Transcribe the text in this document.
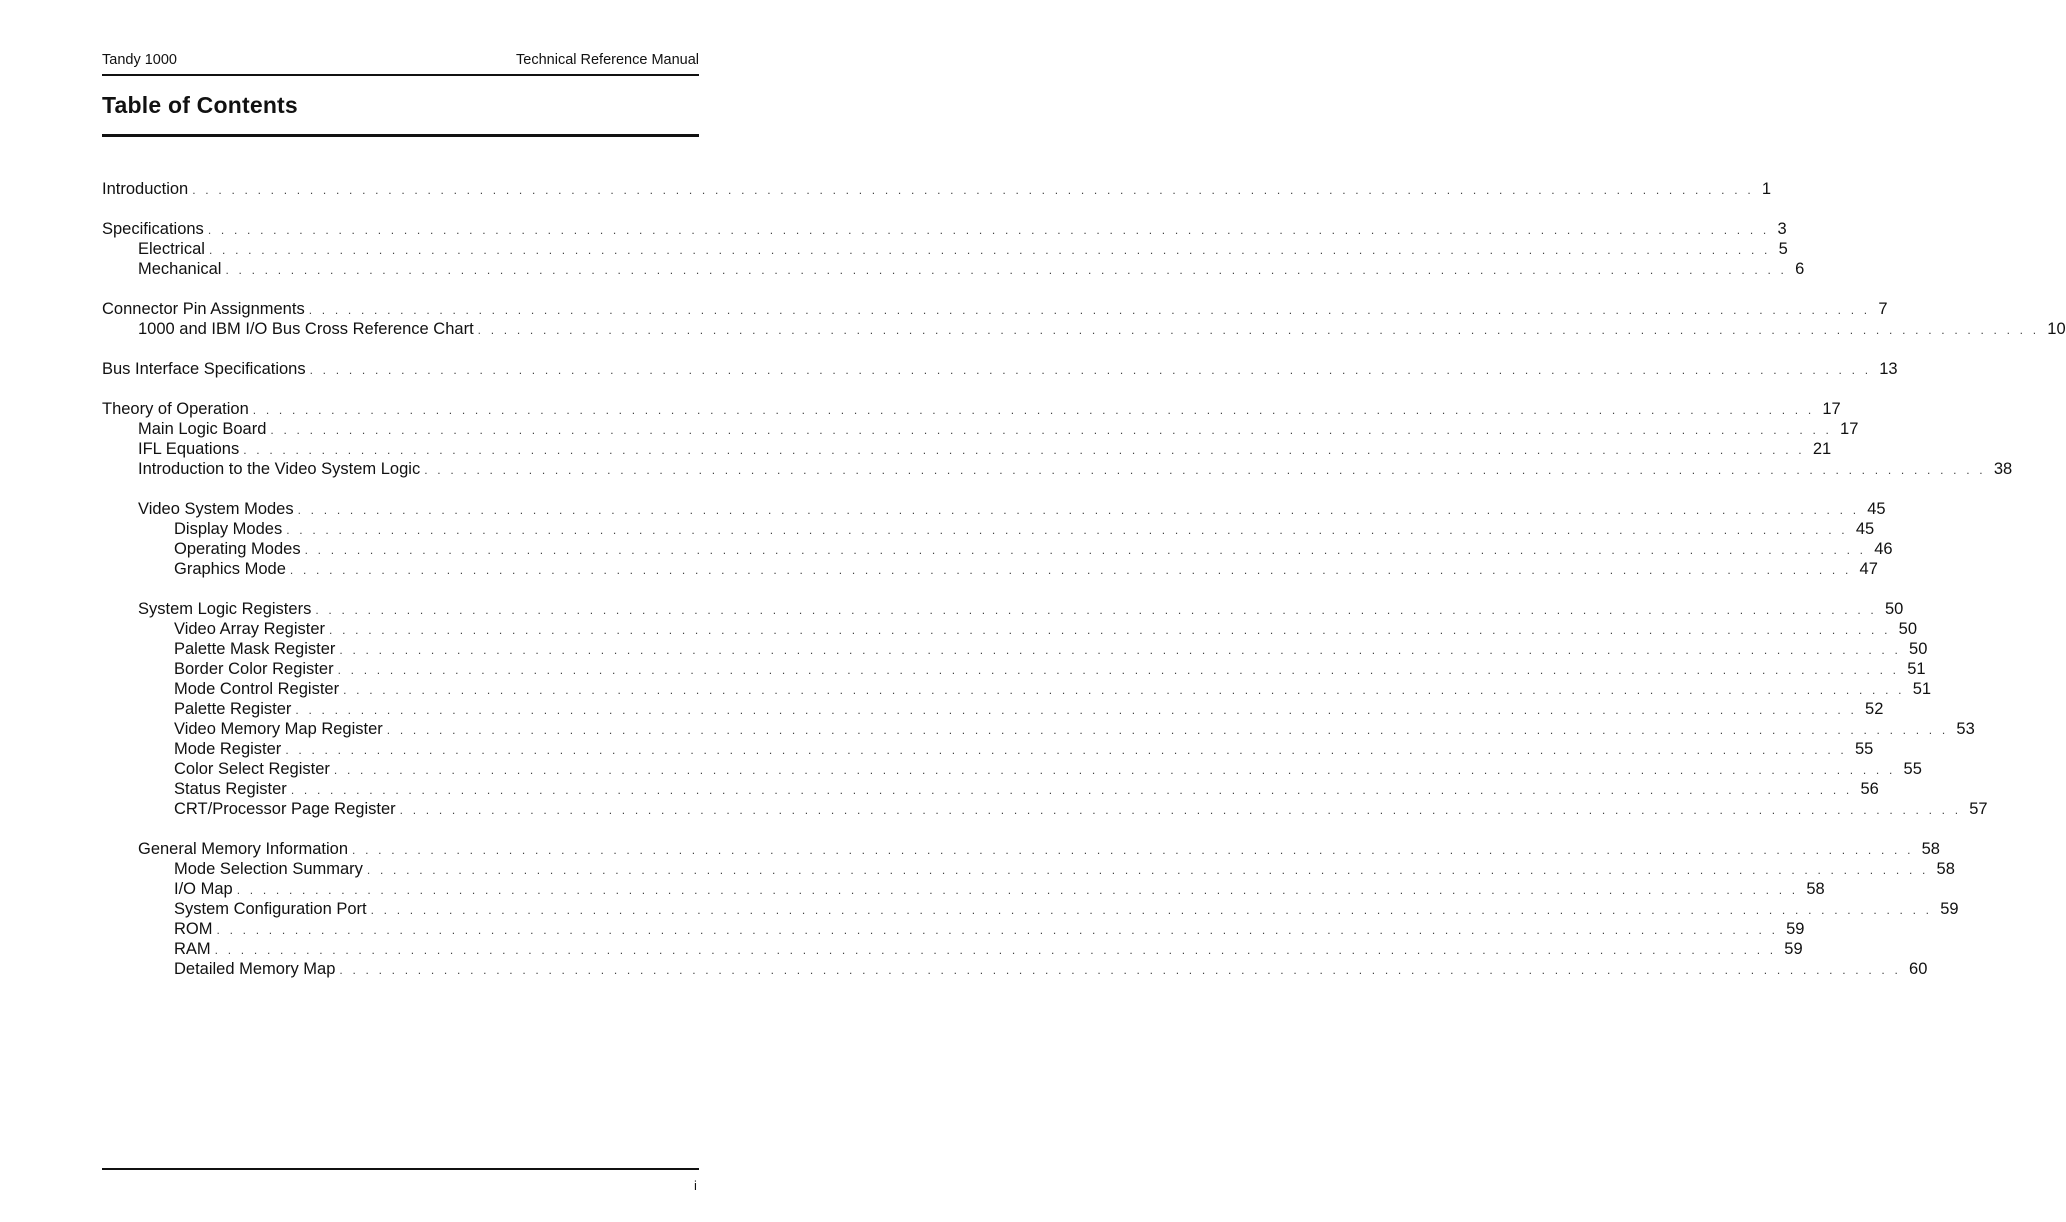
Tandy 1000	Technical Reference Manual
Table of Contents
Introduction . . . . . . . . . . . . . . . . . . . . . . . . . . . . . . . . . . . . . . . . . . . . . . . . . . . . . . . . . . . . . . . . . . . . . . . . . . . . . . . . . . . . . . . . . . . . . . . . . . . . . . . . . . . . . . . . . . . . . . . . 1
Specifications . . . . . . . . . . . . . . . . . . . . . . . . . . . . . . . . . . . . . . . . . . . . . . . . . . . . . . . . . . . . . . . . . . . . . . . . . . . . . . . . . . . . . . . . . . . . . . . . . . . . . . . . . . . . . . . . . . . . . . . . 3
Electrical . . . . . . . . . . . . . . . . . . . . . . . . . . . . . . . . . . . . . . . . . . . . . . . . . . . . . . . . . . . . . . . . . . . . . . . . . . . . . . . . . . . . . . . . . . . . . . . . . . . . . . . . . . . . . . . . . . . . . . . . 5
Mechanical . . . . . . . . . . . . . . . . . . . . . . . . . . . . . . . . . . . . . . . . . . . . . . . . . . . . . . . . . . . . . . . . . . . . . . . . . . . . . . . . . . . . . . . . . . . . . . . . . . . . . . . . . . . . . . . . . . . . . . . . 6
Connector Pin Assignments . . . . . . . . . . . . . . . . . . . . . . . . . . . . . . . . . . . . . . . . . . . . . . . . . . . . . . . . . . . . . . . . . . . . . . . . . . . . . . . . . . . . . . . . . . . . . . . . . . . . . . . . . . . . . . . . . . . . . . . . 7
1000 and IBM I/O Bus Cross Reference Chart . . . . . . . . . . . . . . . . . . . . . . . . . . . . . . . . . . . . . . . . . . . . . . . . . . . . . . . . . . . . . . . . . . . . . . . . . . . . . . . . . . . . . . . . . . . . . . . . . . . . . . . . . . . . . . . . . . . . . . . . 10
Bus Interface Specifications . . . . . . . . . . . . . . . . . . . . . . . . . . . . . . . . . . . . . . . . . . . . . . . . . . . . . . . . . . . . . . . . . . . . . . . . . . . . . . . . . . . . . . . . . . . . . . . . . . . . . . . . . . . . . . . . . . . . . . . . 13
Theory of Operation . . . . . . . . . . . . . . . . . . . . . . . . . . . . . . . . . . . . . . . . . . . . . . . . . . . . . . . . . . . . . . . . . . . . . . . . . . . . . . . . . . . . . . . . . . . . . . . . . . . . . . . . . . . . . . . . . . . . . . . . 17
Main Logic Board . . . . . . . . . . . . . . . . . . . . . . . . . . . . . . . . . . . . . . . . . . . . . . . . . . . . . . . . . . . . . . . . . . . . . . . . . . . . . . . . . . . . . . . . . . . . . . . . . . . . . . . . . . . . . . . . . . . . . . . . 17
IFL Equations . . . . . . . . . . . . . . . . . . . . . . . . . . . . . . . . . . . . . . . . . . . . . . . . . . . . . . . . . . . . . . . . . . . . . . . . . . . . . . . . . . . . . . . . . . . . . . . . . . . . . . . . . . . . . . . . . . . . . . . . 21
Introduction to the Video System Logic . . . . . . . . . . . . . . . . . . . . . . . . . . . . . . . . . . . . . . . . . . . . . . . . . . . . . . . . . . . . . . . . . . . . . . . . . . . . . . . . . . . . . . . . . . . . . . . . . . . . . . . . . . . . . . . . . . . . . . . . 38
Video System Modes . . . . . . . . . . . . . . . . . . . . . . . . . . . . . . . . . . . . . . . . . . . . . . . . . . . . . . . . . . . . . . . . . . . . . . . . . . . . . . . . . . . . . . . . . . . . . . . . . . . . . . . . . . . . . . . . . . . . . . . . 45
Display Modes . . . . . . . . . . . . . . . . . . . . . . . . . . . . . . . . . . . . . . . . . . . . . . . . . . . . . . . . . . . . . . . . . . . . . . . . . . . . . . . . . . . . . . . . . . . . . . . . . . . . . . . . . . . . . . . . . . . . . . . . 45
Operating Modes . . . . . . . . . . . . . . . . . . . . . . . . . . . . . . . . . . . . . . . . . . . . . . . . . . . . . . . . . . . . . . . . . . . . . . . . . . . . . . . . . . . . . . . . . . . . . . . . . . . . . . . . . . . . . . . . . . . . . . . . 46
Graphics Mode . . . . . . . . . . . . . . . . . . . . . . . . . . . . . . . . . . . . . . . . . . . . . . . . . . . . . . . . . . . . . . . . . . . . . . . . . . . . . . . . . . . . . . . . . . . . . . . . . . . . . . . . . . . . . . . . . . . . . . . . 47
System Logic Registers . . . . . . . . . . . . . . . . . . . . . . . . . . . . . . . . . . . . . . . . . . . . . . . . . . . . . . . . . . . . . . . . . . . . . . . . . . . . . . . . . . . . . . . . . . . . . . . . . . . . . . . . . . . . . . . . . . . . . . . . 50
Video Array Register . . . . . . . . . . . . . . . . . . . . . . . . . . . . . . . . . . . . . . . . . . . . . . . . . . . . . . . . . . . . . . . . . . . . . . . . . . . . . . . . . . . . . . . . . . . . . . . . . . . . . . . . . . . . . . . . . . . . . . . . 50
Palette Mask Register . . . . . . . . . . . . . . . . . . . . . . . . . . . . . . . . . . . . . . . . . . . . . . . . . . . . . . . . . . . . . . . . . . . . . . . . . . . . . . . . . . . . . . . . . . . . . . . . . . . . . . . . . . . . . . . . . . . . . . . . 50
Border Color Register . . . . . . . . . . . . . . . . . . . . . . . . . . . . . . . . . . . . . . . . . . . . . . . . . . . . . . . . . . . . . . . . . . . . . . . . . . . . . . . . . . . . . . . . . . . . . . . . . . . . . . . . . . . . . . . . . . . . . . . . 51
Mode Control Register . . . . . . . . . . . . . . . . . . . . . . . . . . . . . . . . . . . . . . . . . . . . . . . . . . . . . . . . . . . . . . . . . . . . . . . . . . . . . . . . . . . . . . . . . . . . . . . . . . . . . . . . . . . . . . . . . . . . . . . . 51
Palette Register . . . . . . . . . . . . . . . . . . . . . . . . . . . . . . . . . . . . . . . . . . . . . . . . . . . . . . . . . . . . . . . . . . . . . . . . . . . . . . . . . . . . . . . . . . . . . . . . . . . . . . . . . . . . . . . . . . . . . . . . 52
Video Memory Map Register . . . . . . . . . . . . . . . . . . . . . . . . . . . . . . . . . . . . . . . . . . . . . . . . . . . . . . . . . . . . . . . . . . . . . . . . . . . . . . . . . . . . . . . . . . . . . . . . . . . . . . . . . . . . . . . . . . . . . . . . 53
Mode Register . . . . . . . . . . . . . . . . . . . . . . . . . . . . . . . . . . . . . . . . . . . . . . . . . . . . . . . . . . . . . . . . . . . . . . . . . . . . . . . . . . . . . . . . . . . . . . . . . . . . . . . . . . . . . . . . . . . . . . . . 55
Color Select Register . . . . . . . . . . . . . . . . . . . . . . . . . . . . . . . . . . . . . . . . . . . . . . . . . . . . . . . . . . . . . . . . . . . . . . . . . . . . . . . . . . . . . . . . . . . . . . . . . . . . . . . . . . . . . . . . . . . . . . . . 55
Status Register . . . . . . . . . . . . . . . . . . . . . . . . . . . . . . . . . . . . . . . . . . . . . . . . . . . . . . . . . . . . . . . . . . . . . . . . . . . . . . . . . . . . . . . . . . . . . . . . . . . . . . . . . . . . . . . . . . . . . . . . 56
CRT/Processor Page Register . . . . . . . . . . . . . . . . . . . . . . . . . . . . . . . . . . . . . . . . . . . . . . . . . . . . . . . . . . . . . . . . . . . . . . . . . . . . . . . . . . . . . . . . . . . . . . . . . . . . . . . . . . . . . . . . . . . . . . . . 57
General Memory Information . . . . . . . . . . . . . . . . . . . . . . . . . . . . . . . . . . . . . . . . . . . . . . . . . . . . . . . . . . . . . . . . . . . . . . . . . . . . . . . . . . . . . . . . . . . . . . . . . . . . . . . . . . . . . . . . . . . . . . . . 58
Mode Selection Summary . . . . . . . . . . . . . . . . . . . . . . . . . . . . . . . . . . . . . . . . . . . . . . . . . . . . . . . . . . . . . . . . . . . . . . . . . . . . . . . . . . . . . . . . . . . . . . . . . . . . . . . . . . . . . . . . . . . . . . . . 58
I/O Map . . . . . . . . . . . . . . . . . . . . . . . . . . . . . . . . . . . . . . . . . . . . . . . . . . . . . . . . . . . . . . . . . . . . . . . . . . . . . . . . . . . . . . . . . . . . . . . . . . . . . . . . . . . . . . . . . . . . . . . . 58
System Configuration Port . . . . . . . . . . . . . . . . . . . . . . . . . . . . . . . . . . . . . . . . . . . . . . . . . . . . . . . . . . . . . . . . . . . . . . . . . . . . . . . . . . . . . . . . . . . . . . . . . . . . . . . . . . . . . . . . . . . . . . . . 59
ROM . . . . . . . . . . . . . . . . . . . . . . . . . . . . . . . . . . . . . . . . . . . . . . . . . . . . . . . . . . . . . . . . . . . . . . . . . . . . . . . . . . . . . . . . . . . . . . . . . . . . . . . . . . . . . . . . . . . . . . . . 59
RAM . . . . . . . . . . . . . . . . . . . . . . . . . . . . . . . . . . . . . . . . . . . . . . . . . . . . . . . . . . . . . . . . . . . . . . . . . . . . . . . . . . . . . . . . . . . . . . . . . . . . . . . . . . . . . . . . . . . . . . . . 59
Detailed Memory Map . . . . . . . . . . . . . . . . . . . . . . . . . . . . . . . . . . . . . . . . . . . . . . . . . . . . . . . . . . . . . . . . . . . . . . . . . . . . . . . . . . . . . . . . . . . . . . . . . . . . . . . . . . . . . . . . . . . . . . . . 60
i
